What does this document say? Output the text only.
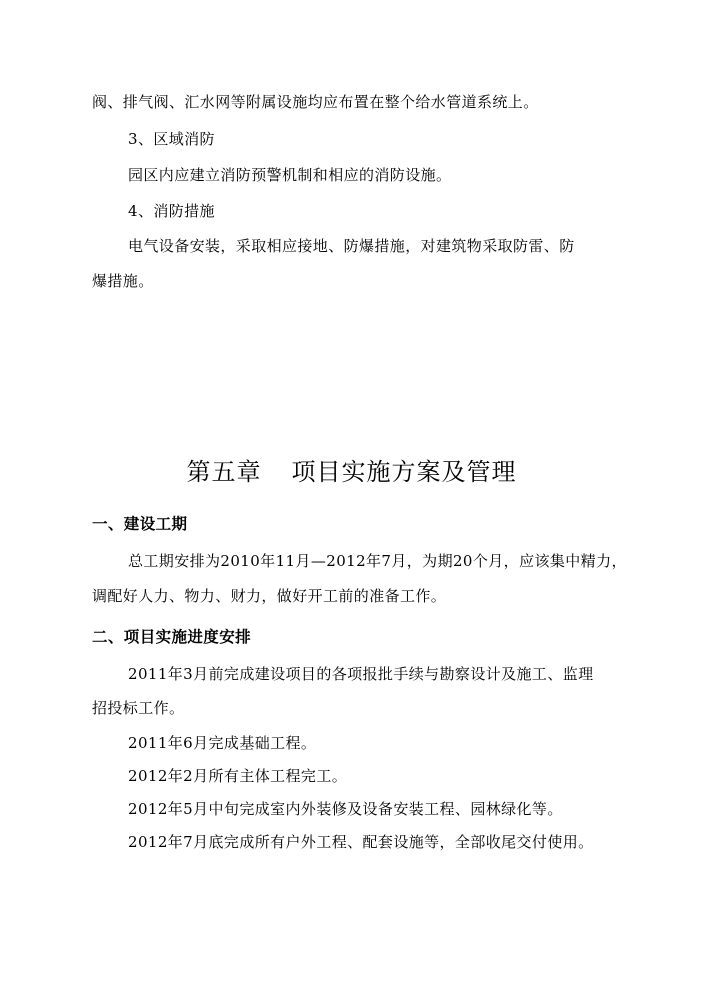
阀、排气阀、汇水网等附属设施均应布置在整个给水管道系统上。
3、区域消防
园区内应建立消防预警机制和相应的消防设施。
4、消防措施
电气设备安装，采取相应接地、防爆措施，对建筑物采取防雷、防
爆措施。
第五章 项目实施方案及管理
一、建设工期
总工期安排为2010年11月—2012年7月，为期20个月，应该集中精力，
调配好人力、物力、财力，做好开工前的准备工作。
二、项目实施进度安排
2011年3月前完成建设项目的各项报批手续与勘察设计及施工、监理
招投标工作。
2011年6月完成基础工程。
2012年2月所有主体工程完工。
2012年5月中旬完成室内外装修及设备安装工程、园林绿化等。
2012年7月底完成所有户外工程、配套设施等，全部收尾交付使用。
